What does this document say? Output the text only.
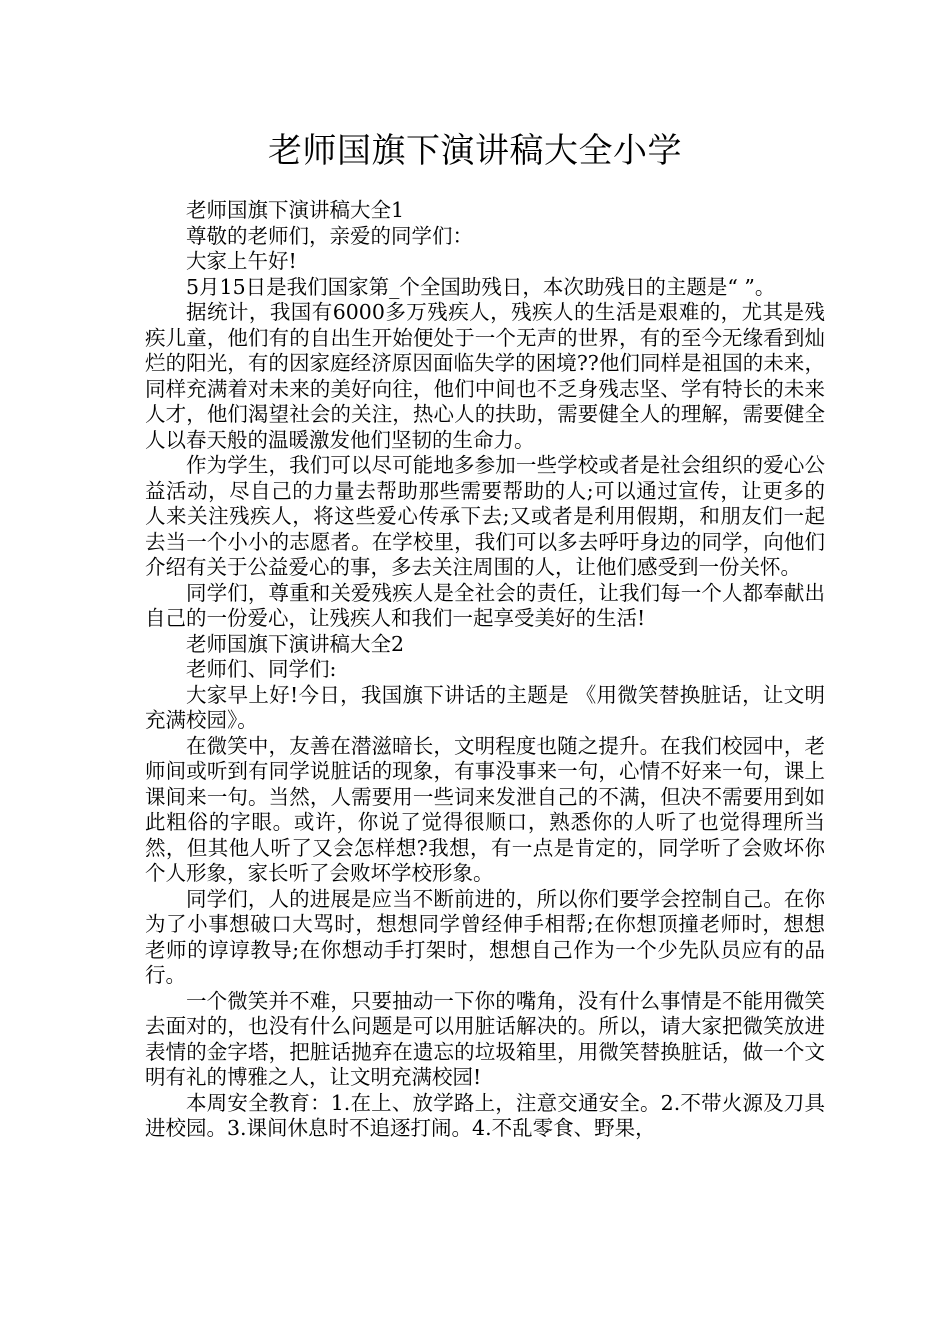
老师国旗下演讲稿大全小学

老师国旗下演讲稿大全1

尊敬的老师们，亲爱的同学们：

大家上午好!

5月15日是我们国家第_个全国助残日，本次助残日的主题是“ ”。

据统计，我国有6000多万残疾人，残疾人的生活是艰难的，尤其是残疾儿童，他们有的自出生开始便处于一个无声的世界，有的至今无缘看到灿烂的阳光，有的因家庭经济原因面临失学的困境??他们同样是祖国的未来，同样充满着对未来的美好向往，他们中间也不乏身残志坚、学有特长的未来人才，他们渴望社会的关注，热心人的扶助，需要健全人的理解，需要健全人以春天般的温暖激发他们坚韧的生命力。

作为学生，我们可以尽可能地多参加一些学校或者是社会组织的爱心公益活动，尽自己的力量去帮助那些需要帮助的人;可以通过宣传，让更多的人来关注残疾人，将这些爱心传承下去;又或者是利用假期，和朋友们一起去当一个小小的志愿者。在学校里，我们可以多去呼吁身边的同学，向他们介绍有关于公益爱心的事，多去关注周围的人，让他们感受到一份关怀。

同学们，尊重和关爱残疾人是全社会的责任，让我们每一个人都奉献出自己的一份爱心，让残疾人和我们一起享受美好的生活!

老师国旗下演讲稿大全2

老师们、同学们:

大家早上好!今日，我国旗下讲话的主题是 《用微笑替换脏话，让文明充满校园》。

在微笑中，友善在潜滋暗长，文明程度也随之提升。在我们校园中，老师间或听到有同学说脏话的现象，有事没事来一句，心情不好来一句，课上课间来一句。当然，人需要用一些词来发泄自己的不满，但决不需要用到如此粗俗的字眼。或许，你说了觉得很顺口，熟悉你的人听了也觉得理所当然，但其他人听了又会怎样想?我想，有一点是肯定的，同学听了会败坏你个人形象，家长听了会败坏学校形象。

同学们，人的进展是应当不断前进的，所以你们要学会控制自己。在你为了小事想破口大骂时，想想同学曾经伸手相帮;在你想顶撞老师时，想想老师的谆谆教导;在你想动手打架时，想想自己作为一个少先队员应有的品行。

一个微笑并不难，只要抽动一下你的嘴角，没有什么事情是不能用微笑去面对的，也没有什么问题是可以用脏话解决的。所以，请大家把微笑放进表情的金字塔，把脏话抛弃在遗忘的垃圾箱里，用微笑替换脏话，做一个文明有礼的博雅之人，让文明充满校园!

本周安全教育：1.在上、放学路上，注意交通安全。2.不带火源及刀具进校园。3.课间休息时不追逐打闹。4.不乱零食、野果，
